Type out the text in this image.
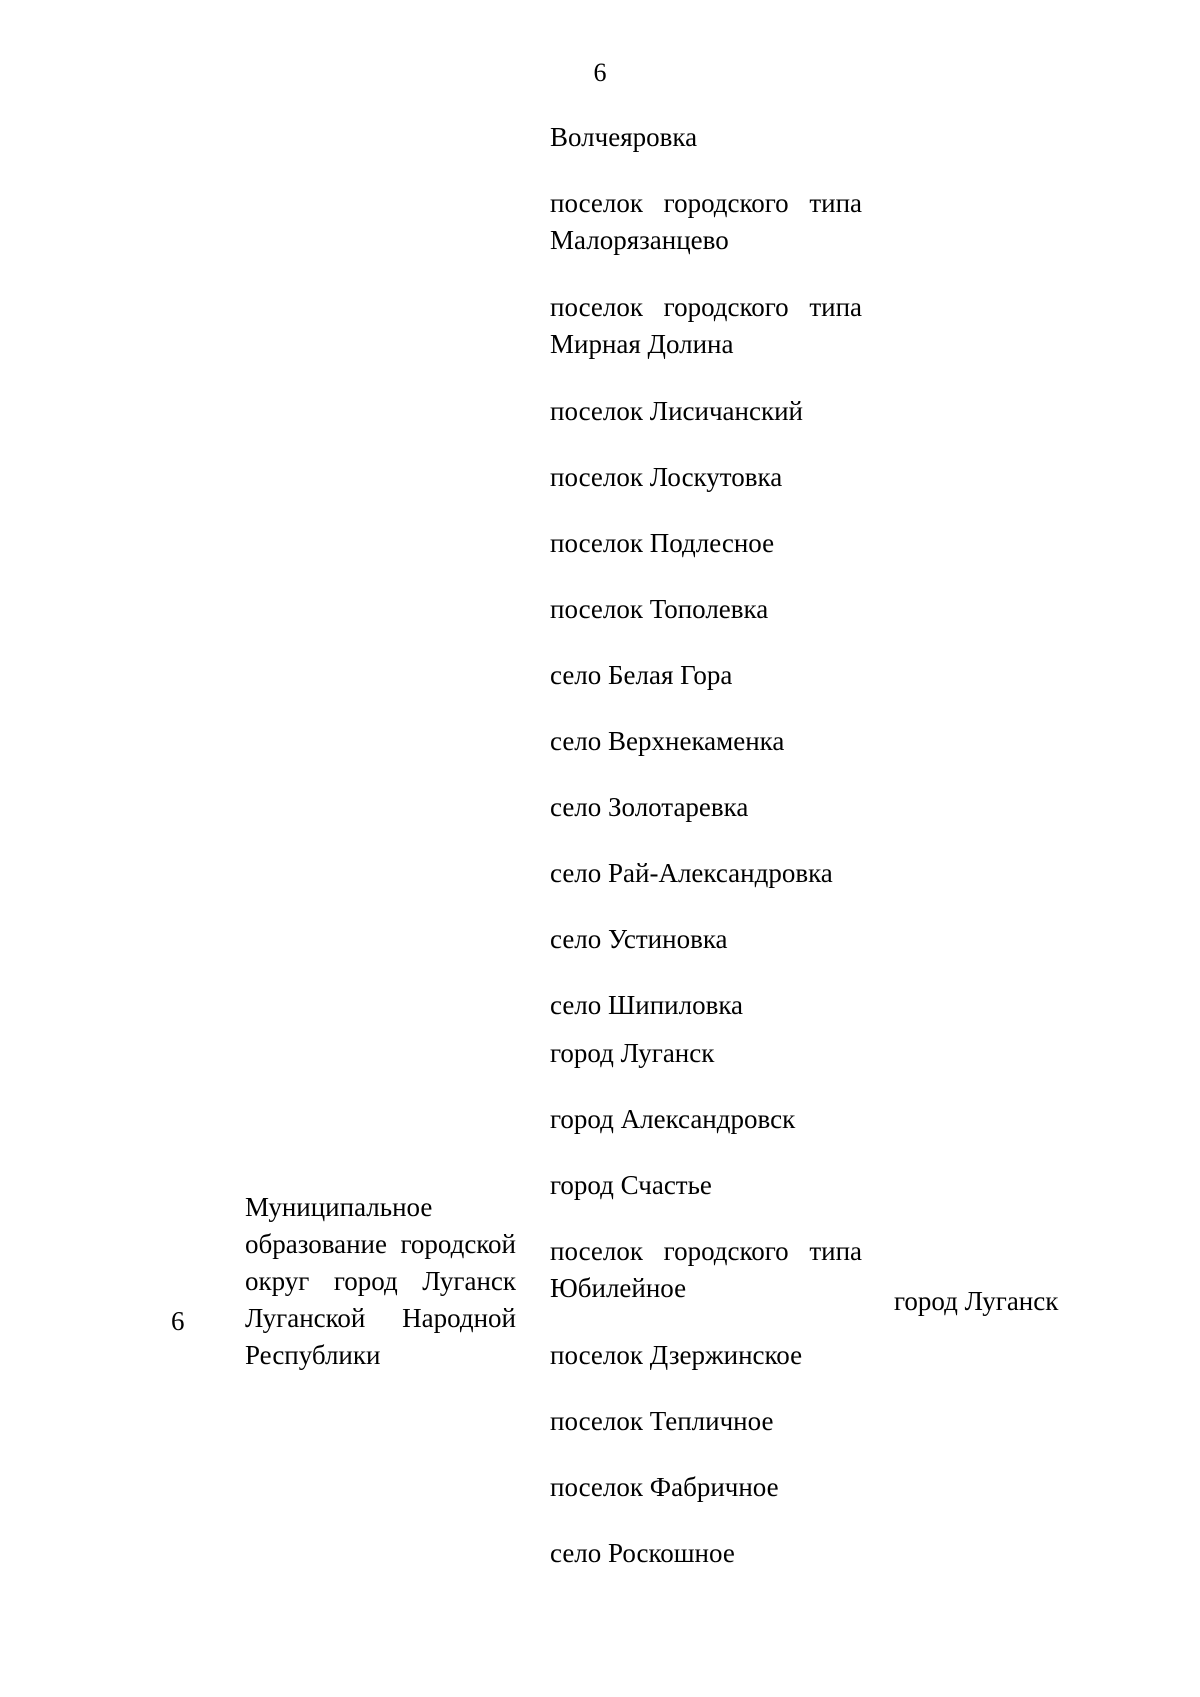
6
Волчеяровка
поселок городского типа Малорязанцево
поселок городского типа Мирная Долина
поселок Лисичанский
поселок Лоскутовка
поселок Подлесное
поселок Тополевка
село Белая Гора
село Верхнекаменка
село Золотаревка
село Рай-Александровка
село Устиновка
село Шипиловка
6
Муниципальное образование городской округ город Луганск Луганской Народной Республики
город Луганск
город Александровск
город Счастье
поселок городского типа Юбилейное
поселок Дзержинское
поселок Тепличное
поселок Фабричное
село Роскошное
город Луганск
